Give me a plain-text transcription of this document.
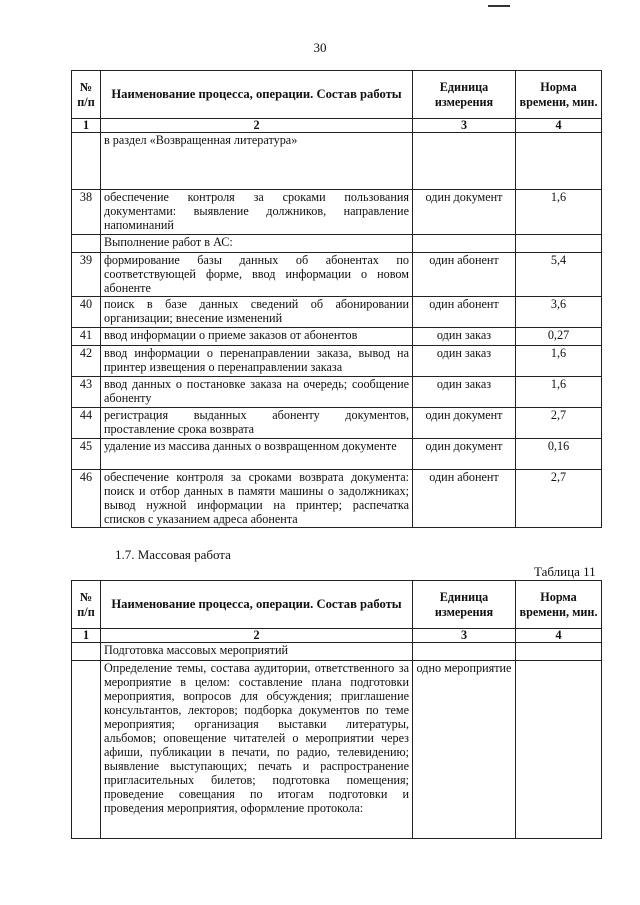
30
№ п/п	Наименование процесса, операции. Состав работы	Единица измерения	Норма времени, мин.
1	2	3	4
	в раздел «Возвращенная литература»		
38	обеспечение контроля за сроками пользования документами: выявление должников, направление напоминаний	один документ	1,6
	Выполнение работ в АС:		
39	формирование базы данных об абонентах по соответствующей форме, ввод информации о новом абоненте	один абонент	5,4
40	поиск в базе данных сведений об абонировании организации; внесение изменений	один абонент	3,6
41	ввод информации о приеме заказов от абонентов	один заказ	0,27
42	ввод информации о перенаправлении заказа, вывод на принтер извещения о перенаправлении заказа	один заказ	1,6
43	ввод данных о постановке заказа на очередь; сообщение абоненту	один заказ	1,6
44	регистрация выданных абоненту документов, проставление срока возврата	один документ	2,7
45	удаление из массива данных о возвращенном документе	один документ	0,16
46	обеспечение контроля за сроками возврата документа: поиск и отбор данных в памяти машины о задолжниках; вывод нужной информации на принтер; распечатка списков с указанием адреса абонента	один абонент	2,7
1.7. Массовая работа
Таблица 11
№ п/п	Наименование процесса, операции. Состав работы	Единица измерения	Норма времени, мин.
1	2	3	4
	Подготовка массовых мероприятий		
	Определение темы, состава аудитории, ответственного за мероприятие в целом: составление плана подготовки мероприятия, вопросов для обсуждения; приглашение консультантов, лекторов; подборка документов по теме мероприятия; организация выставки литературы, альбомов; оповещение читателей о мероприятии через афиши, публикации в печати, по радио, телевидению; выявление выступающих; печать и распространение пригласительных билетов; подготовка помещения; проведение совещания по итогам подготовки и проведения мероприятия, оформление протокола:	одно мероприятие	
